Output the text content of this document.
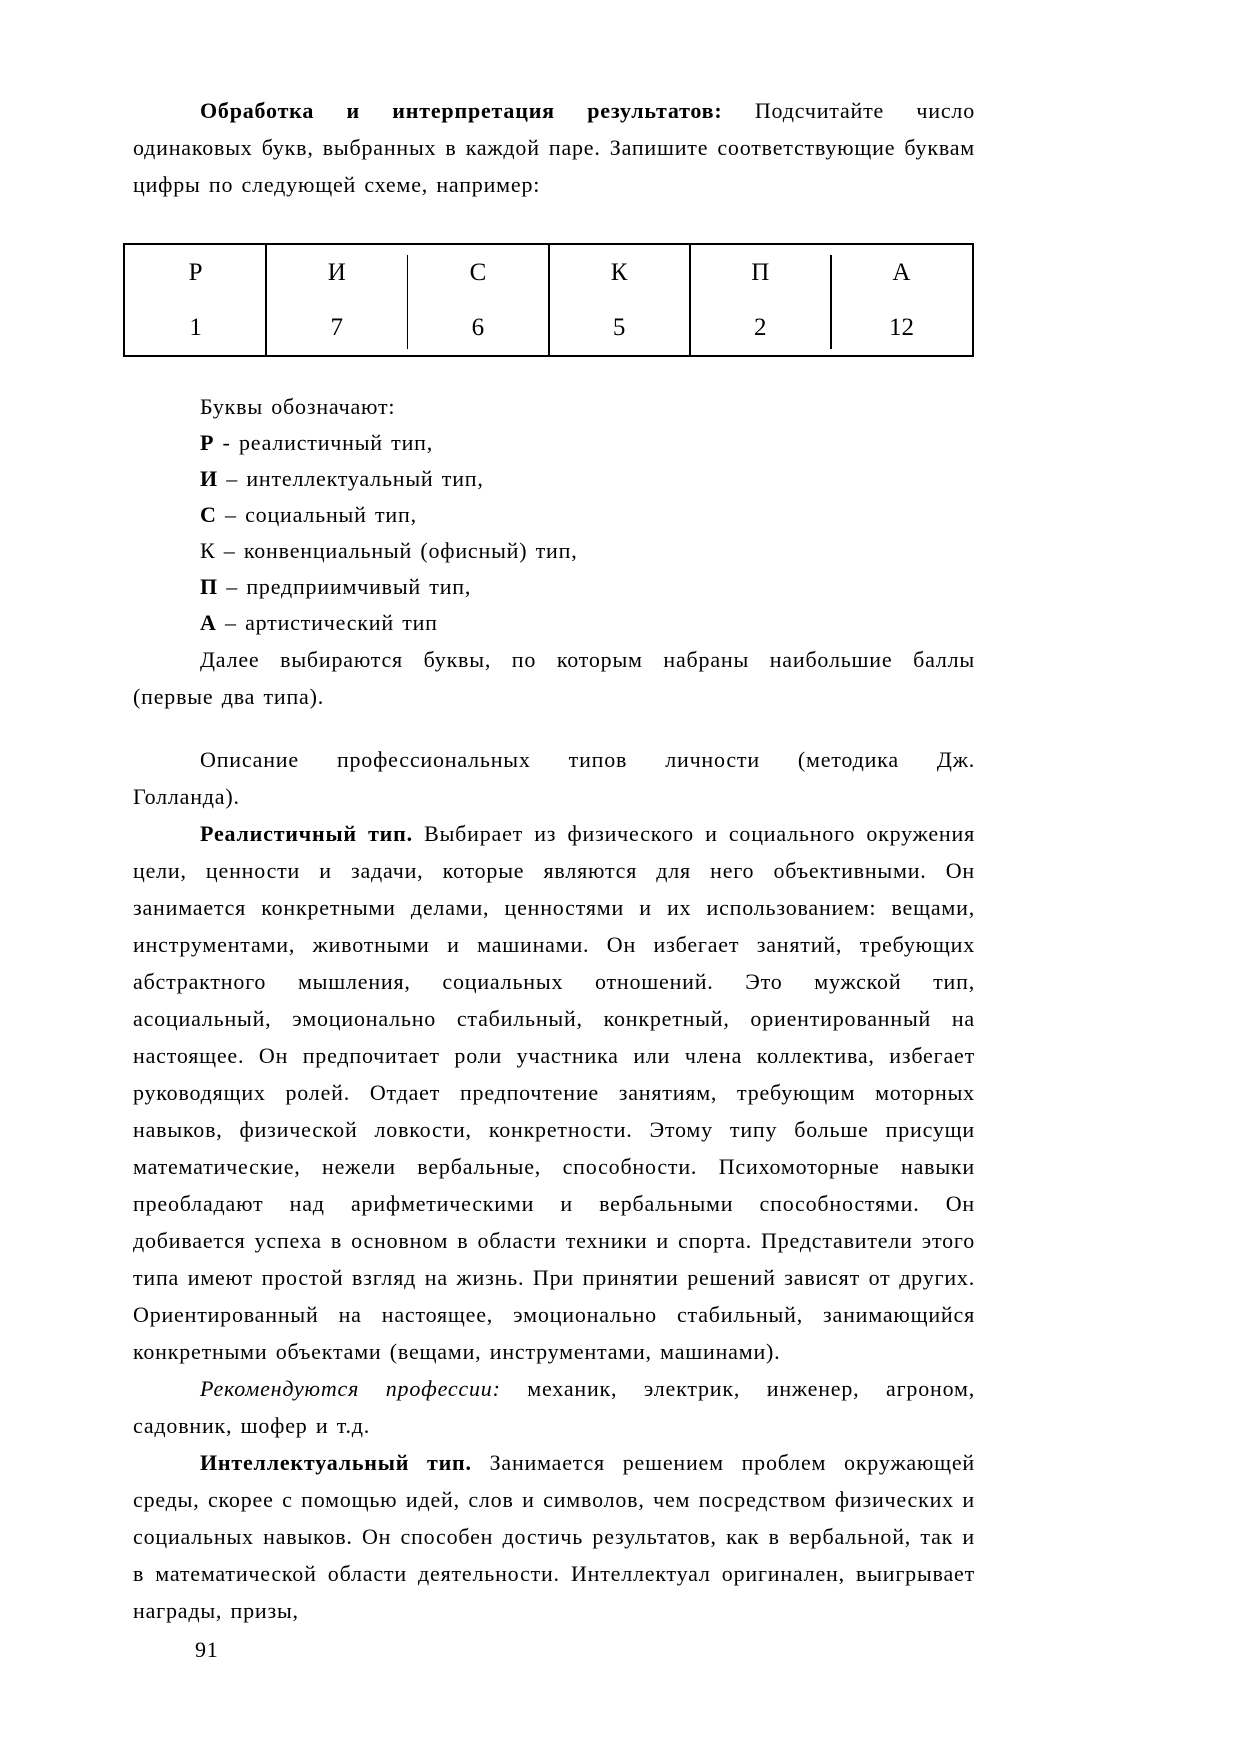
Обработка и интерпретация результатов: Подсчитайте число одинаковых букв, выбранных в каждой паре. Запишите соответствующие буквам цифры по следующей схеме, например:

Р
1
И
7
С
6
К
5
П
2
А
12

Буквы обозначают:

Р - реалистичный тип,

И – интеллектуальный тип,

С – социальный тип,

К – конвенциальный (офисный) тип,

П – предприимчивый тип,

А – артистический тип

Далее выбираются буквы, по которым набраны наибольшие баллы (первые два типа).

Описание профессиональных типов личности (методика Дж. Голланда).

Реалистичный тип. Выбирает из физического и социального окружения цели, ценности и задачи, которые являются для него объективными. Он занимается конкретными делами, ценностями и их использованием: вещами, инструментами, животными и машинами. Он избегает занятий, требующих абстрактного мышления, социальных отношений. Это мужской тип, асоциальный, эмоционально стабильный, конкретный, ориентированный на настоящее. Он предпочитает роли участника или члена коллектива, избегает руководящих ролей. Отдает предпочтение занятиям, требующим моторных навыков, физической ловкости, конкретности. Этому типу больше присущи математические, нежели вербальные, способности. Психомоторные навыки преобладают над арифметическими и вербальными способностями. Он добивается успеха в основном в области техники и спорта. Представители этого типа имеют простой взгляд на жизнь. При принятии решений зависят от других. Ориентированный на настоящее, эмоционально стабильный, занимающийся конкретными объектами (вещами, инструментами, машинами).

Рекомендуются профессии: механик, электрик, инженер, агроном, садовник, шофер и т.д.

Интеллектуальный тип. Занимается решением проблем окружающей среды, скорее с помощью идей, слов и символов, чем посредством физических и социальных навыков. Он способен достичь результатов, как в вербальной, так и в математической области деятельности. Интеллектуал оригинален, выигрывает награды, призы,

91
